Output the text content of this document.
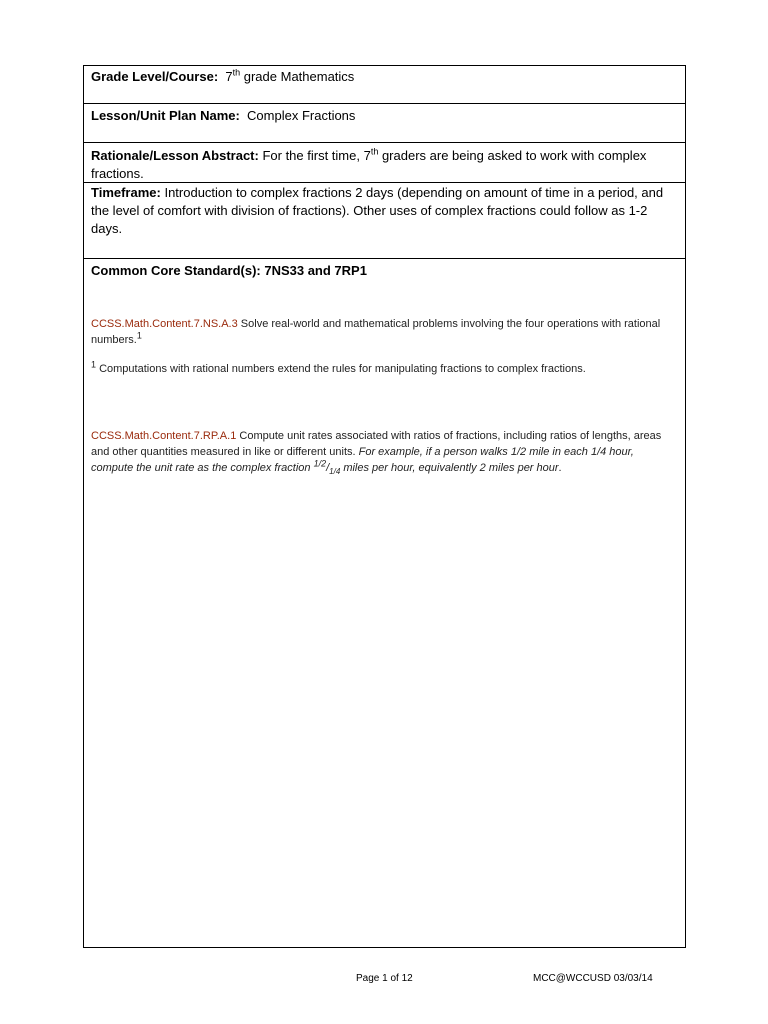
Grade Level/Course: 7th grade Mathematics
Lesson/Unit Plan Name: Complex Fractions
Rationale/Lesson Abstract: For the first time, 7th graders are being asked to work with complex fractions.
Timeframe: Introduction to complex fractions 2 days (depending on amount of time in a period, and the level of comfort with division of fractions). Other uses of complex fractions could follow as 1-2 days.
Common Core Standard(s): 7NS33 and 7RP1
CCSS.Math.Content.7.NS.A.3 Solve real-world and mathematical problems involving the four operations with rational numbers.$^1$
$^1$ Computations with rational numbers extend the rules for manipulating fractions to complex fractions.
CCSS.Math.Content.7.RP.A.1 Compute unit rates associated with ratios of fractions, including ratios of lengths, areas and other quantities measured in like or different units. For example, if a person walks 1/2 mile in each 1/4 hour, compute the unit rate as the complex fraction $^{1/2}/_{1/4}$ miles per hour, equivalently 2 miles per hour.
Page 1 of 12	MCC@WCCUSD 03/03/14
